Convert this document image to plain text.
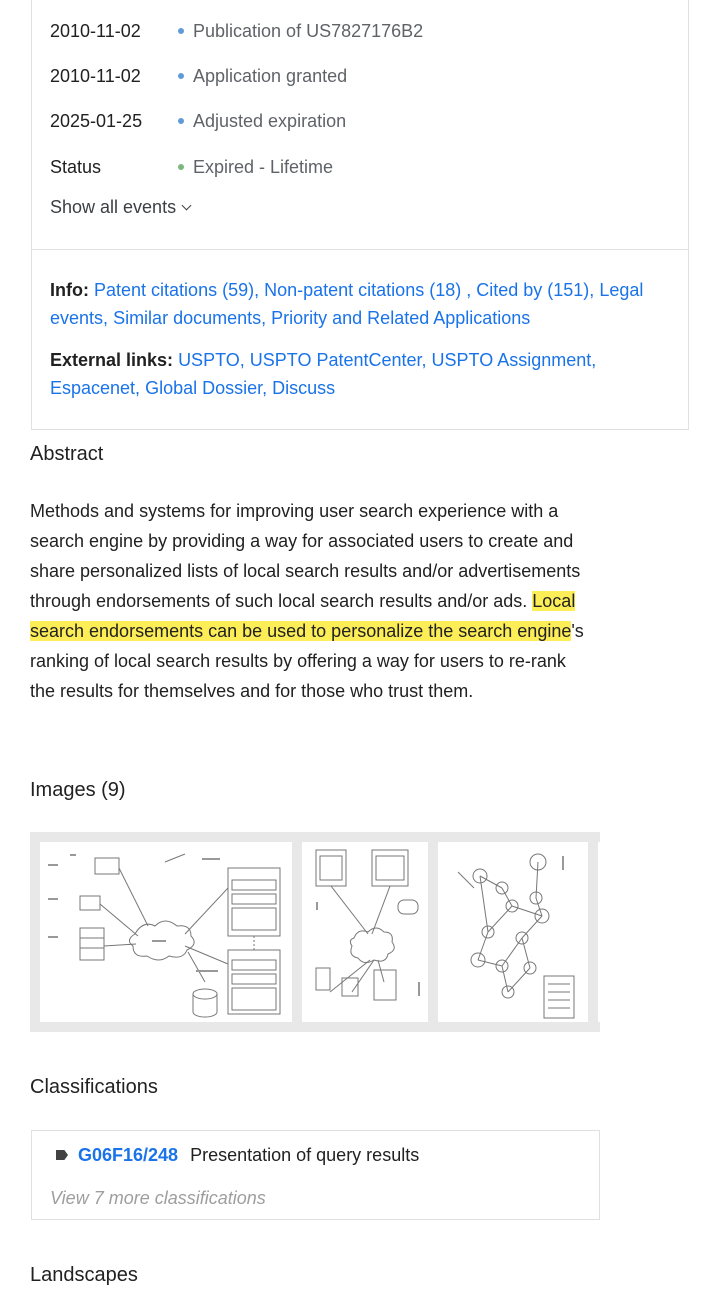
2010-11-02	Publication of US7827176B2
2010-11-02	Application granted
2025-01-25	Adjusted expiration
Status	Expired - Lifetime
Show all events

Info: Patent citations (59), Non-patent citations (18) , Cited by (151), Legal events, Similar documents, Priority and Related Applications

External links: USPTO, USPTO PatentCenter, USPTO Assignment, Espacenet, Global Dossier, Discuss

Abstract

Methods and systems for improving user search experience with a search engine by providing a way for associated users to create and share personalized lists of local search results and/or advertisements through endorsements of such local search results and/or ads. Local search endorsements can be used to personalize the search engine's ranking of local search results by offering a way for users to re-rank the results for themselves and for those who trust them.

Images (9)
Classifications
G06F16/248 Presentation of query results
View 7 more classifications
Landscapes
